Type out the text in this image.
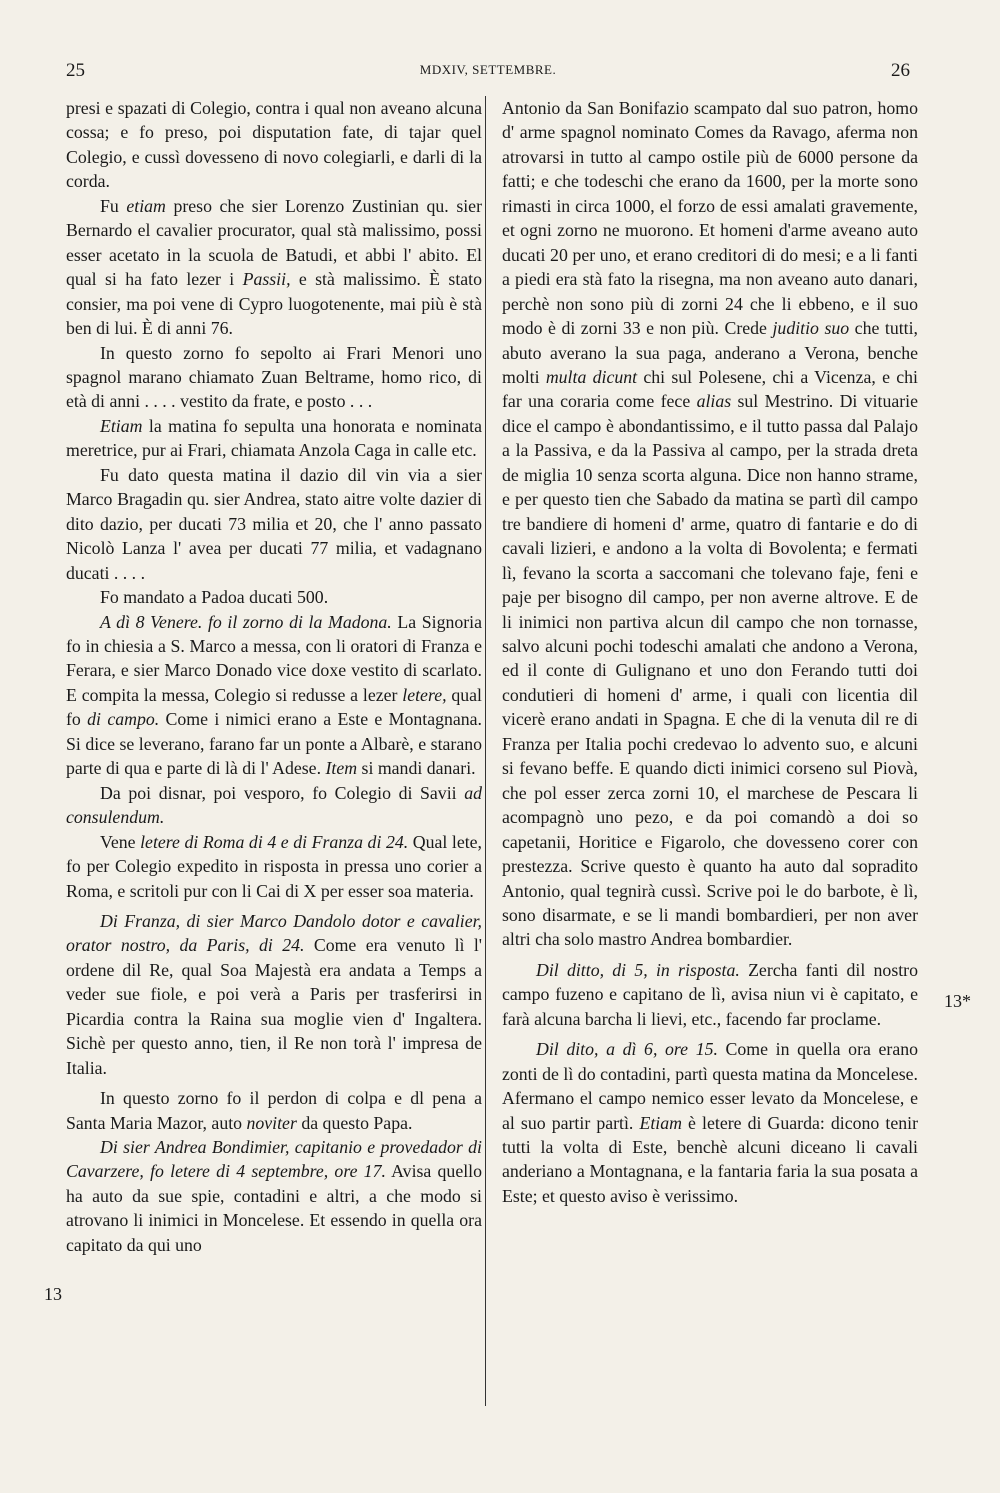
25	MDXIV, SETTEMBRE.	26
13
13*

presi e spazati di Colegio, contra i qual non aveano alcuna cossa; e fo preso, poi disputation fate, di tajar quel Colegio, e cussì dovesseno di novo colegiarli, e darli di la corda.

Fu etiam preso che sier Lorenzo Zustinian qu. sier Bernardo el cavalier procurator, qual stà malissimo, possi esser acetato in la scuola de Batudi, et abbi l' abito. El qual si ha fato lezer i Passii, e stà malissimo. È stato consier, ma poi vene di Cypro luogotenente, mai più è stà ben di lui. È di anni 76.

In questo zorno fo sepolto ai Frari Menori uno spagnol marano chiamato Zuan Beltrame, homo rico, di età di anni . . . . vestito da frate, e posto . . .

Etiam la matina fo sepulta una honorata e nominata meretrice, pur ai Frari, chiamata Anzola Caga in calle etc.

Fu dato questa matina il dazio dil vin via a sier Marco Bragadin qu. sier Andrea, stato aitre volte dazier di dito dazio, per ducati 73 milia et 20, che l' anno passato Nicolò Lanza l' avea per ducati 77 milia, et vadagnano ducati . . . .

Fo mandato a Padoa ducati 500.

A dì 8 Venere. fo il zorno di la Madona. La Signoria fo in chiesia a S. Marco a messa, con li oratori di Franza e Ferara, e sier Marco Donado vice doxe vestito di scarlato. E compita la messa, Colegio si redusse a lezer letere, qual fo di campo. Come i nimici erano a Este e Montagnana. Si dice se leverano, farano far un ponte a Albarè, e starano parte di qua e parte di là di l' Adese. Item si mandi danari.

Da poi disnar, poi vesporo, fo Colegio di Savii ad consulendum.

Vene letere di Roma di 4 e di Franza di 24. Qual lete, fo per Colegio expedito in risposta in pressa uno corier a Roma, e scritoli pur con li Cai di X per esser soa materia.

Di Franza, di sier Marco Dandolo dotor e cavalier, orator nostro, da Paris, di 24. Come era venuto lì l' ordene dil Re, qual Soa Majestà era andata a Temps a veder sue fiole, e poi verà a Paris per trasferirsi in Picardia contra la Raina sua moglie vien d' Ingaltera. Sichè per questo anno, tien, il Re non torà l' impresa de Italia.

In questo zorno fo il perdon di colpa e dl pena a Santa Maria Mazor, auto noviter da questo Papa.

Di sier Andrea Bondimier, capitanio e provedador di Cavarzere, fo letere di 4 septembre, ore 17. Avisa quello ha auto da sue spie, contadini e altri, a che modo si atrovano li inimici in Moncelese. Et essendo in quella ora capitato da qui uno

Antonio da San Bonifazio scampato dal suo patron, homo d' arme spagnol nominato Comes da Ravago, aferma non atrovarsi in tutto al campo ostile più de 6000 persone da fatti; e che todeschi che erano da 1600, per la morte sono rimasti in circa 1000, el forzo de essi amalati gravemente, et ogni zorno ne muorono. Et homeni d'arme aveano auto ducati 20 per uno, et erano creditori di do mesi; e a li fanti a piedi era stà fato la risegna, ma non aveano auto danari, perchè non sono più di zorni 24 che li ebbeno, e il suo modo è di zorni 33 e non più. Crede juditio suo che tutti, abuto averano la sua paga, anderano a Verona, benche molti multa dicunt chi sul Polesene, chi a Vicenza, e chi far una coraria come fece alias sul Mestrino. Di vituarie dice el campo è abondantissimo, e il tutto passa dal Palajo a la Passiva, e da la Passiva al campo, per la strada dreta de miglia 10 senza scorta alguna. Dice non hanno strame, e per questo tien che Sabado da matina se partì dil campo tre bandiere di homeni d' arme, quatro di fantarie e do di cavali lizieri, e andono a la volta di Bovolenta; e fermati lì, fevano la scorta a saccomani che tolevano faje, feni e paje per bisogno dil campo, per non averne altrove. E de li inimici non partiva alcun dil campo che non tornasse, salvo alcuni pochi todeschi amalati che andono a Verona, ed il conte di Gulignano et uno don Ferando tutti doi condutieri di homeni d' arme, i quali con licentia dil vicerè erano andati in Spagna. E che di la venuta dil re di Franza per Italia pochi credevao lo advento suo, e alcuni si fevano beffe. E quando dicti inimici corseno sul Piovà, che pol esser zerca zorni 10, el marchese de Pescara li acompagnò uno pezo, e da poi comandò a doi so capetanii, Horitice e Figarolo, che dovesseno corer con prestezza. Scrive questo è quanto ha auto dal sopradito Antonio, qual tegnirà cussì. Scrive poi le do barbote, è lì, sono disarmate, e se li mandi bombardieri, per non aver altri cha solo mastro Andrea bombardier.

Dil ditto, di 5, in risposta. Zercha fanti dil nostro campo fuzeno e capitano de lì, avisa niun vi è capitato, e farà alcuna barcha li lievi, etc., facendo far proclame.

Dil dito, a dì 6, ore 15. Come in quella ora erano zonti de lì do contadini, partì questa matina da Moncelese. Afermano el campo nemico esser levato da Moncelese, e al suo partir partì. Etiam è letere di Guarda: dicono tenir tutti la volta di Este, benchè alcuni diceano li cavali anderiano a Montagnana, e la fantaria faria la sua posata a Este; et questo aviso è verissimo.
